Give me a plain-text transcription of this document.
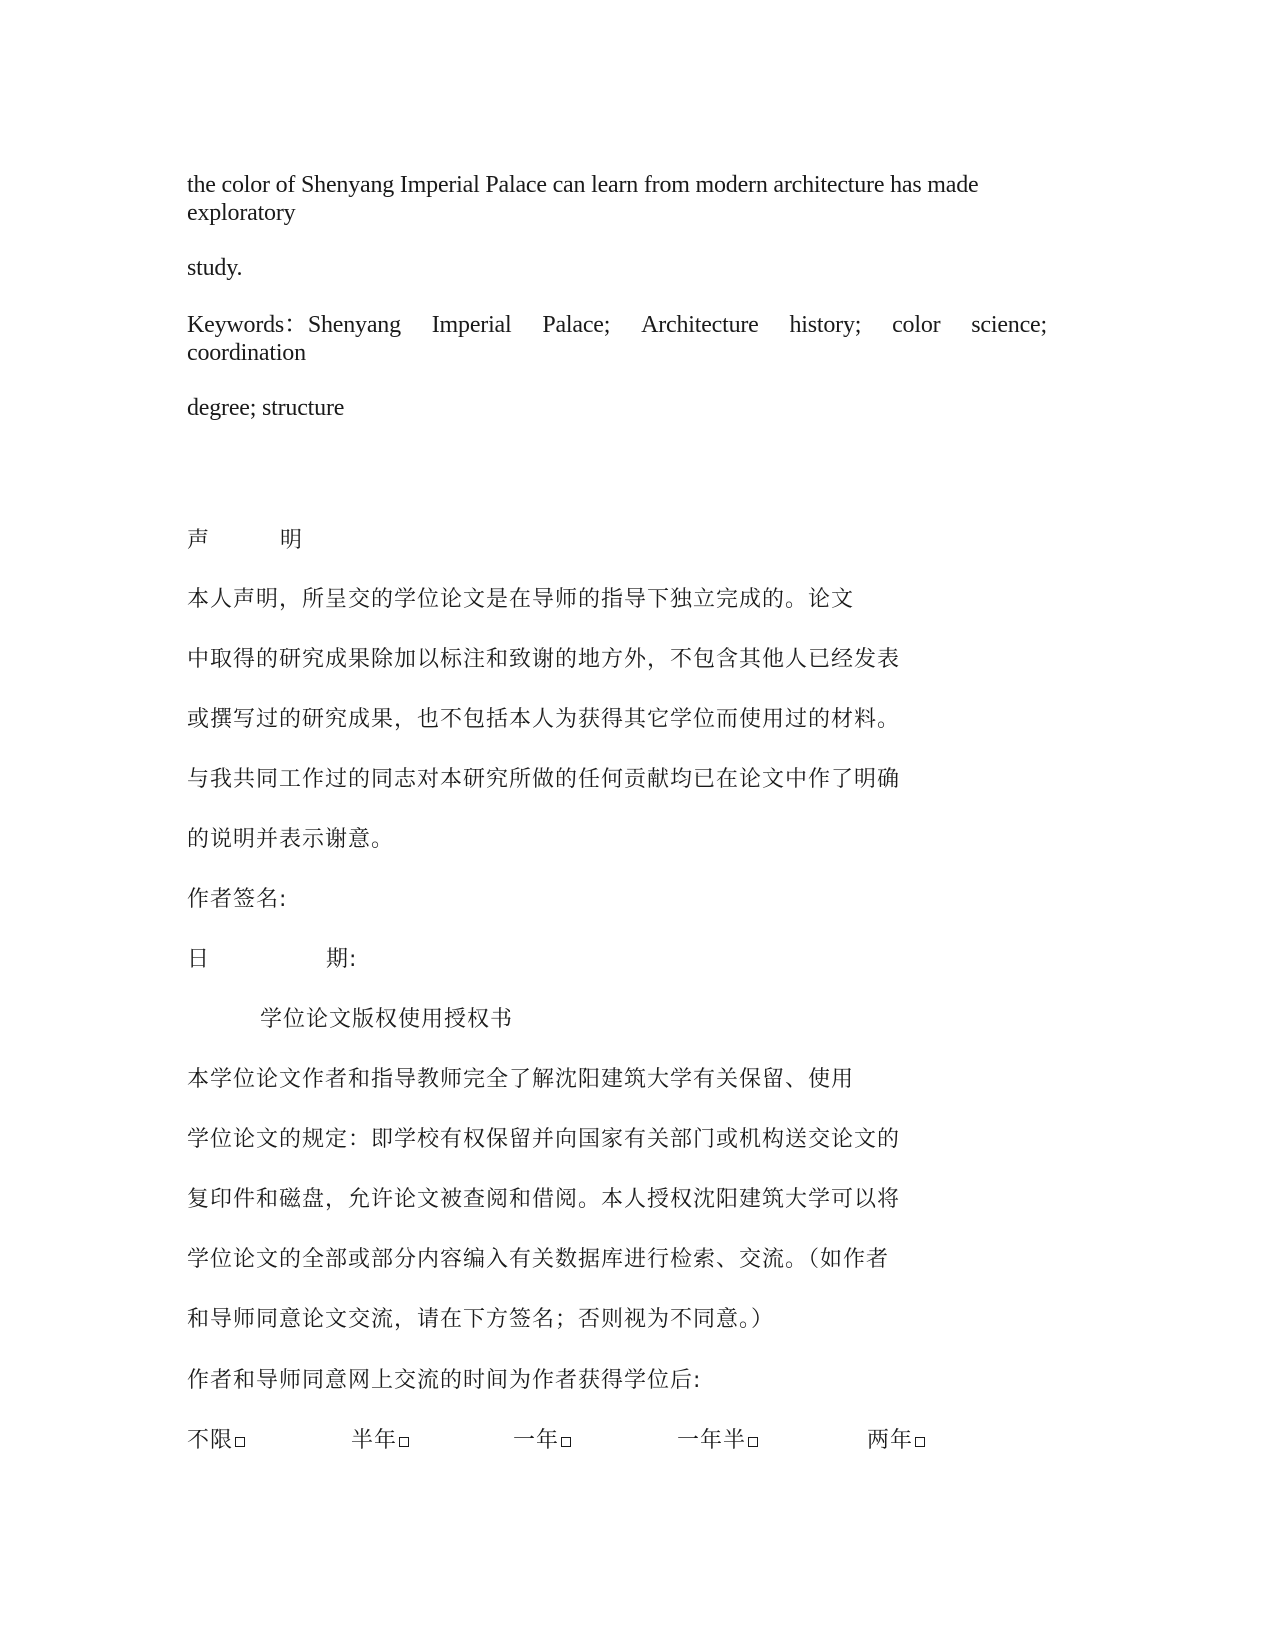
the color of Shenyang Imperial Palace can learn from modern architecture has made

exploratory

study.

Keywords：Shenyang Imperial Palace; Architecture history; color science;

coordination

degree; structure

声	明

本人声明，所呈交的学位论文是在导师的指导下独立完成的。论文

中取得的研究成果除加以标注和致谢的地方外，不包含其他人已经发表

或撰写过的研究成果，也不包括本人为获得其它学位而使用过的材料。

与我共同工作过的同志对本研究所做的任何贡献均已在论文中作了明确

的说明并表示谢意。

作者签名:

日	期:

学位论文版权使用授权书

本学位论文作者和指导教师完全了解沈阳建筑大学有关保留、使用

学位论文的规定：即学校有权保留并向国家有关部门或机构送交论文的

复印件和磁盘，允许论文被查阅和借阅。本人授权沈阳建筑大学可以将

学位论文的全部或部分内容编入有关数据库进行检索、交流。（如作者

和导师同意论文交流，请在下方签名；否则视为不同意。）

作者和导师同意网上交流的时间为作者获得学位后:

不限	半年	一年	一年半	两年
